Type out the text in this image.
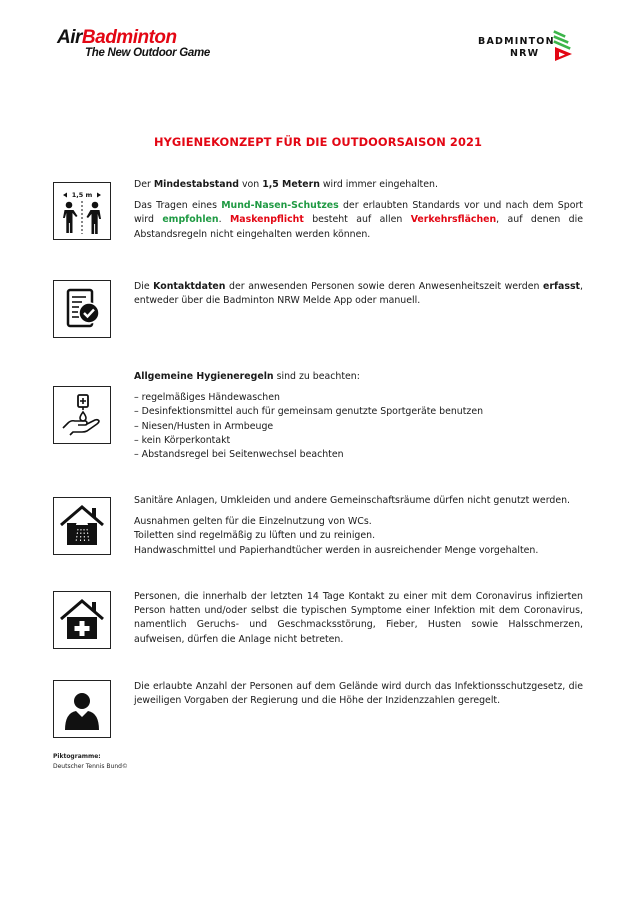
AirBadminton
The New Outdoor Game
BADMINTON
NRW
HYGIENEKONZEPT FÜR DIE OUTDOORSAISON 2021
1,5 m

Der Mindestabstand von 1,5 Metern wird immer eingehalten.

Das Tragen eines Mund-Nasen-Schutzes der erlaubten Standards vor und nach dem Sport wird empfohlen. Maskenpflicht besteht auf allen Verkehrsflächen, auf denen die Abstandsregeln nicht eingehalten werden können.

Die Kontaktdaten der anwesenden Personen sowie deren Anwesenheitszeit werden erfasst, entweder über die Badminton NRW Melde App oder manuell.

Allgemeine Hygieneregeln sind zu beachten:

– regelmäßiges Händewaschen
– Desinfektionsmittel auch für gemeinsam genutzte Sportgeräte benutzen
– Niesen/Husten in Armbeuge
– kein Körperkontakt
– Abstandsregel bei Seitenwechsel beachten

Sanitäre Anlagen, Umkleiden und andere Gemeinschaftsräume dürfen nicht genutzt werden.

Ausnahmen gelten für die Einzelnutzung von WCs.
Toiletten sind regelmäßig zu lüften und zu reinigen.
Handwaschmittel und Papierhandtücher werden in ausreichender Menge vorgehalten.

Personen, die innerhalb der letzten 14 Tage Kontakt zu einer mit dem Coronavirus infizierten Person hatten und/oder selbst die typischen Symptome einer Infektion mit dem Coronavirus, namentlich Geruchs- und Geschmacksstörung, Fieber, Husten sowie Halsschmerzen, aufweisen, dürfen die Anlage nicht betreten.

Die erlaubte Anzahl der Personen auf dem Gelände wird durch das Infektionsschutzgesetz, die jeweiligen Vorgaben der Regierung und die Höhe der Inzidenzzahlen geregelt.

Piktogramme:
Deutscher Tennis Bund©
